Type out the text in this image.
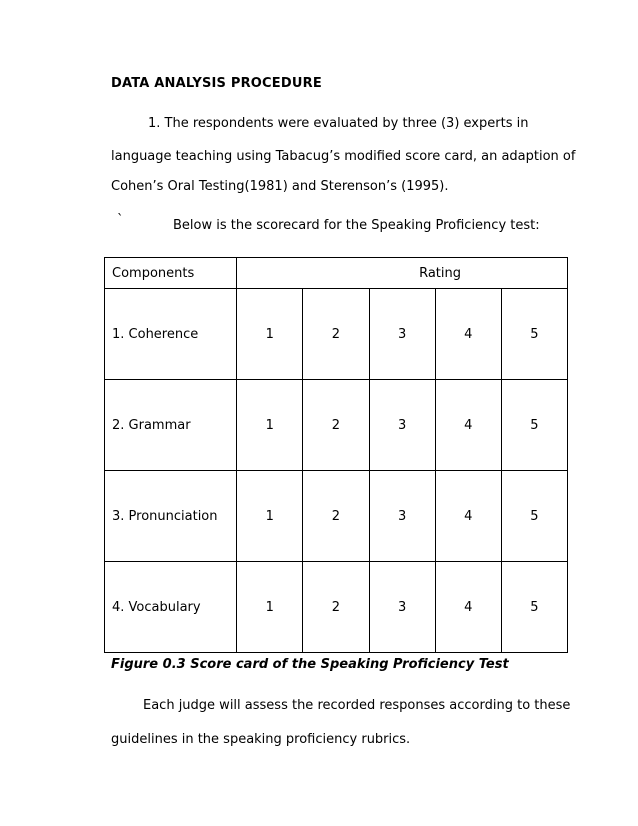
DATA ANALYSIS PROCEDURE
1. The respondents were evaluated by three (3) experts in
language teaching using Tabacug’s modified score card, an adaption of
Cohen’s Oral Testing(1981) and Sterenson’s (1995).
`	Below is the scorecard for the Speaking Proficiency test:
Components	Rating				
1. Coherence	1	2	3	4	5
2. Grammar	1	2	3	4	5
3. Pronunciation	1	2	3	4	5
4. Vocabulary	1	2	3	4	5
Figure 0.3 Score card of the Speaking Proficiency Test
Each judge will assess the recorded responses according to these
guidelines in the speaking proficiency rubrics.
